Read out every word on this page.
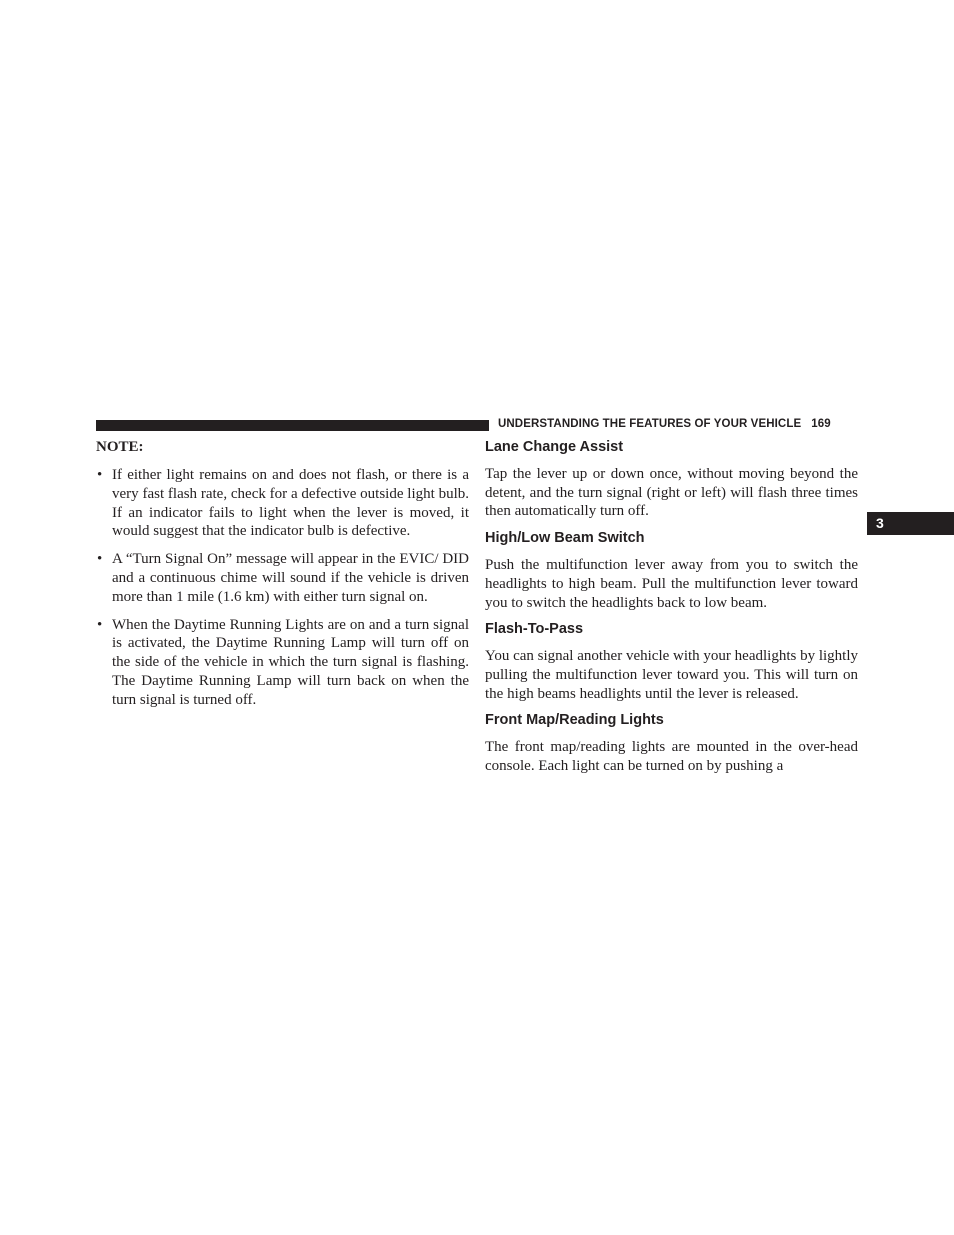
UNDERSTANDING THE FEATURES OF YOUR VEHICLE 169
3
NOTE:
• If either light remains on and does not flash, or there is a very fast flash rate, check for a defective outside light bulb. If an indicator fails to light when the lever is moved, it would suggest that the indicator bulb is defective.
• A “Turn Signal On” message will appear in the EVIC/ DID and a continuous chime will sound if the vehicle is driven more than 1 mile (1.6 km) with either turn signal on.
• When the Daytime Running Lights are on and a turn signal is activated, the Daytime Running Lamp will turn off on the side of the vehicle in which the turn signal is flashing. The Daytime Running Lamp will turn back on when the turn signal is turned off.
Lane Change Assist

Tap the lever up or down once, without moving beyond the detent, and the turn signal (right or left) will flash three times then automatically turn off.

High/Low Beam Switch

Push the multifunction lever away from you to switch the headlights to high beam. Pull the multifunction lever toward you to switch the headlights back to low beam.

Flash-To-Pass

You can signal another vehicle with your headlights by lightly pulling the multifunction lever toward you. This will turn on the high beams headlights until the lever is released.

Front Map/Reading Lights

The front map/reading lights are mounted in the over-head console. Each light can be turned on by pushing a
